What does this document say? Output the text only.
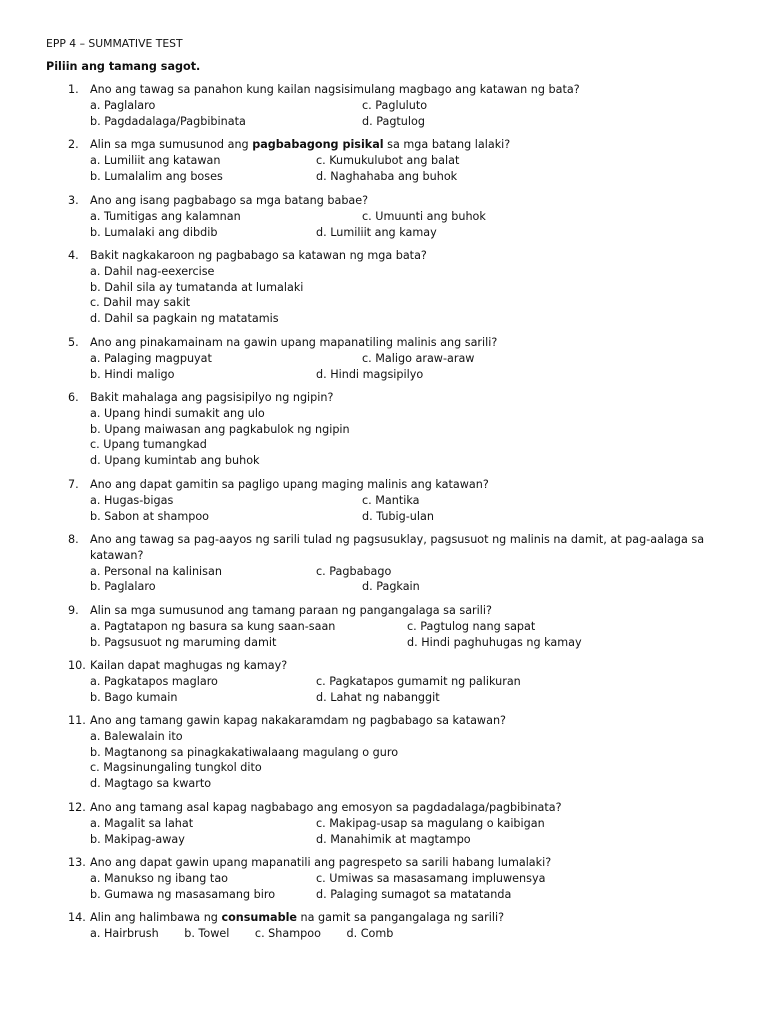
EPP 4 – SUMMATIVE TEST
Piliin ang tamang sagot.
1.	Ano ang tawag sa panahon kung kailan nagsisimulang magbago ang katawan ng bata?
a. Paglalaro	c. Pagluluto
b. Pagdadalaga/Pagbibinata	d. Pagtulog
2.	Alin sa mga sumusunod ang pagbabagong pisikal sa mga batang lalaki?
a. Lumiliit ang katawan	c. Kumukulubot ang balat
b. Lumalalim ang boses	d. Naghahaba ang buhok
3.	Ano ang isang pagbabago sa mga batang babae?
a. Tumitigas ang kalamnan	c. Umuunti ang buhok
b. Lumalaki ang dibdib	d. Lumiliit ang kamay
4.	Bakit nagkakaroon ng pagbabago sa katawan ng mga bata?
a. Dahil nag-eexercise
b. Dahil sila ay tumatanda at lumalaki
c. Dahil may sakit
d. Dahil sa pagkain ng matatamis
5.	Ano ang pinakamainam na gawin upang mapanatiling malinis ang sarili?
a. Palaging magpuyat	c. Maligo araw-araw
b. Hindi maligo	d. Hindi magsipilyo
6.	Bakit mahalaga ang pagsisipilyo ng ngipin?
a. Upang hindi sumakit ang ulo
b. Upang maiwasan ang pagkabulok ng ngipin
c. Upang tumangkad
d. Upang kumintab ang buhok
7.	Ano ang dapat gamitin sa pagligo upang maging malinis ang katawan?
a. Hugas-bigas	c. Mantika
b. Sabon at shampoo	d. Tubig-ulan
8.	Ano ang tawag sa pag-aayos ng sarili tulad ng pagsusuklay, pagsusuot ng malinis na damit, at pag-aalaga sa katawan?
a. Personal na kalinisan	c. Pagbabago
b. Paglalaro	d. Pagkain
9.	Alin sa mga sumusunod ang tamang paraan ng pangangalaga sa sarili?
a. Pagtatapon ng basura sa kung saan-saan	c. Pagtulog nang sapat
b. Pagsusuot ng maruming damit	d. Hindi paghuhugas ng kamay
10. Kailan dapat maghugas ng kamay?
a. Pagkatapos maglaro	c. Pagkatapos gumamit ng palikuran
b. Bago kumain	d. Lahat ng nabanggit
11. Ano ang tamang gawin kapag nakakaramdam ng pagbabago sa katawan?
a. Balewalain ito
b. Magtanong sa pinagkakatiwalaang magulang o guro
c. Magsinungaling tungkol dito
d. Magtago sa kwarto
12. Ano ang tamang asal kapag nagbabago ang emosyon sa pagdadalaga/pagbibinata?
a. Magalit sa lahat	c. Makipag-usap sa magulang o kaibigan
b. Makipag-away	d. Manahimik at magtampo
13. Ano ang dapat gawin upang mapanatili ang pagrespeto sa sarili habang lumalaki?
a. Manukso ng ibang tao	c. Umiwas sa masasamang impluwensya
b. Gumawa ng masasamang biro	d. Palaging sumagot sa matatanda
14. Alin ang halimbawa ng consumable na gamit sa pangangalaga ng sarili?
a. Hairbrush b. Towel c. Shampoo d. Comb
